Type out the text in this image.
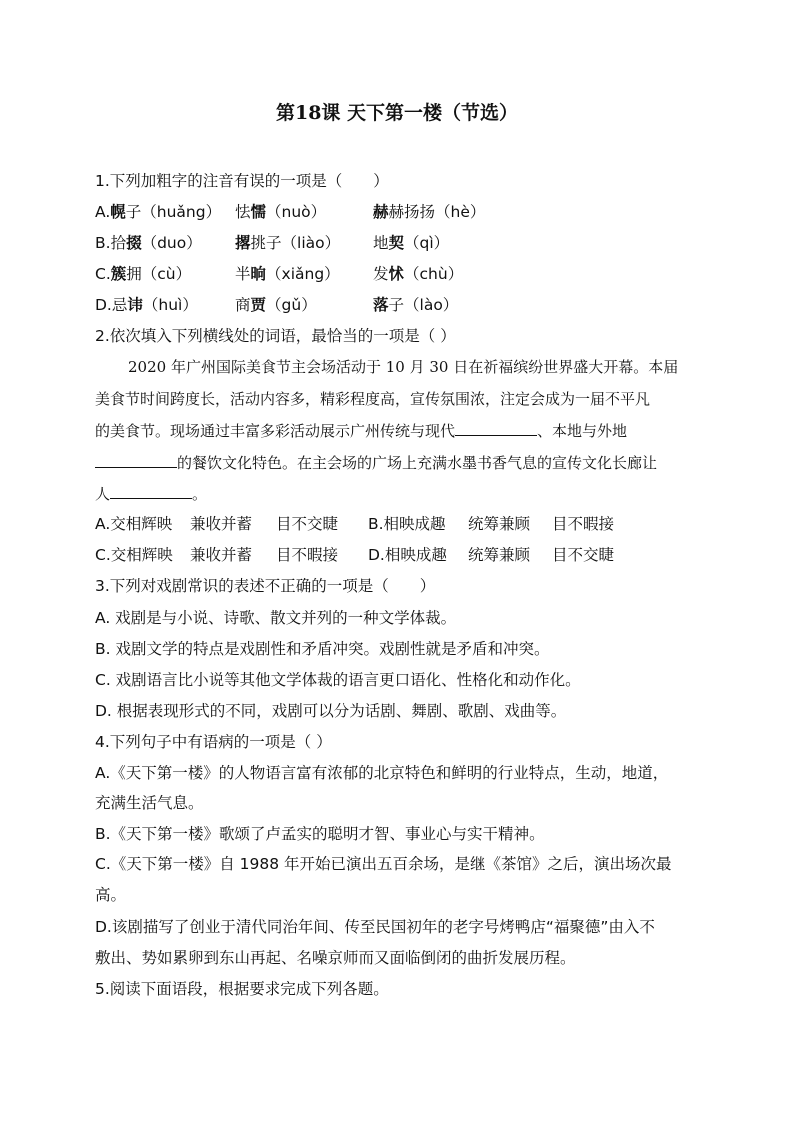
第18课 天下第一楼（节选）
1.下列加粗字的注音有误的一项是（　　）
A.幌子（huǎng） 怯懦（nuò）	赫赫扬扬（hè）
B.拾掇（duo） 撂挑子（liào） 地契（qì）
C.簇拥（cù）	半晌（xiǎng） 发怵（chù）
D.忌讳（huì） 商贾（gǔ）	落子（lào）
2.依次填入下列横线处的词语，最恰当的一项是（ ）
2020 年广州国际美食节主会场活动于 10 月 30 日在祈福缤纷世界盛大开幕。本届
美食节时间跨度长，活动内容多，精彩程度高，宣传氛围浓，注定会成为一届不平凡
的美食节。现场通过丰富多彩活动展示广州传统与现代	、本地与外地
的餐饮文化特色。在主会场的广场上充满水墨书香气息的宣传文化长廊让
人	。
A.交相辉映 兼收并蓄 目不交睫 B.相映成趣 统筹兼顾 目不暇接
C.交相辉映 兼收并蓄 目不暇接 D.相映成趣 统筹兼顾 目不交睫
3.下列对戏剧常识的表述不正确的一项是（　　）
A. 戏剧是与小说、诗歌、散文并列的一种文学体裁。
B. 戏剧文学的特点是戏剧性和矛盾冲突。戏剧性就是矛盾和冲突。
C. 戏剧语言比小说等其他文学体裁的语言更口语化、性格化和动作化。
D. 根据表现形式的不同，戏剧可以分为话剧、舞剧、歌剧、戏曲等。
4.下列句子中有语病的一项是（ ）
A.《天下第一楼》的人物语言富有浓郁的北京特色和鲜明的行业特点，生动，地道，
充满生活气息。
B.《天下第一楼》歌颂了卢孟实的聪明才智、事业心与实干精神。
C.《天下第一楼》自 1988 年开始已演出五百余场，是继《茶馆》之后，演出场次最
高。
D.该剧描写了创业于清代同治年间、传至民国初年的老字号烤鸭店“福聚德”由入不
敷出、势如累卵到东山再起、名噪京师而又面临倒闭的曲折发展历程。
5.阅读下面语段，根据要求完成下列各题。
